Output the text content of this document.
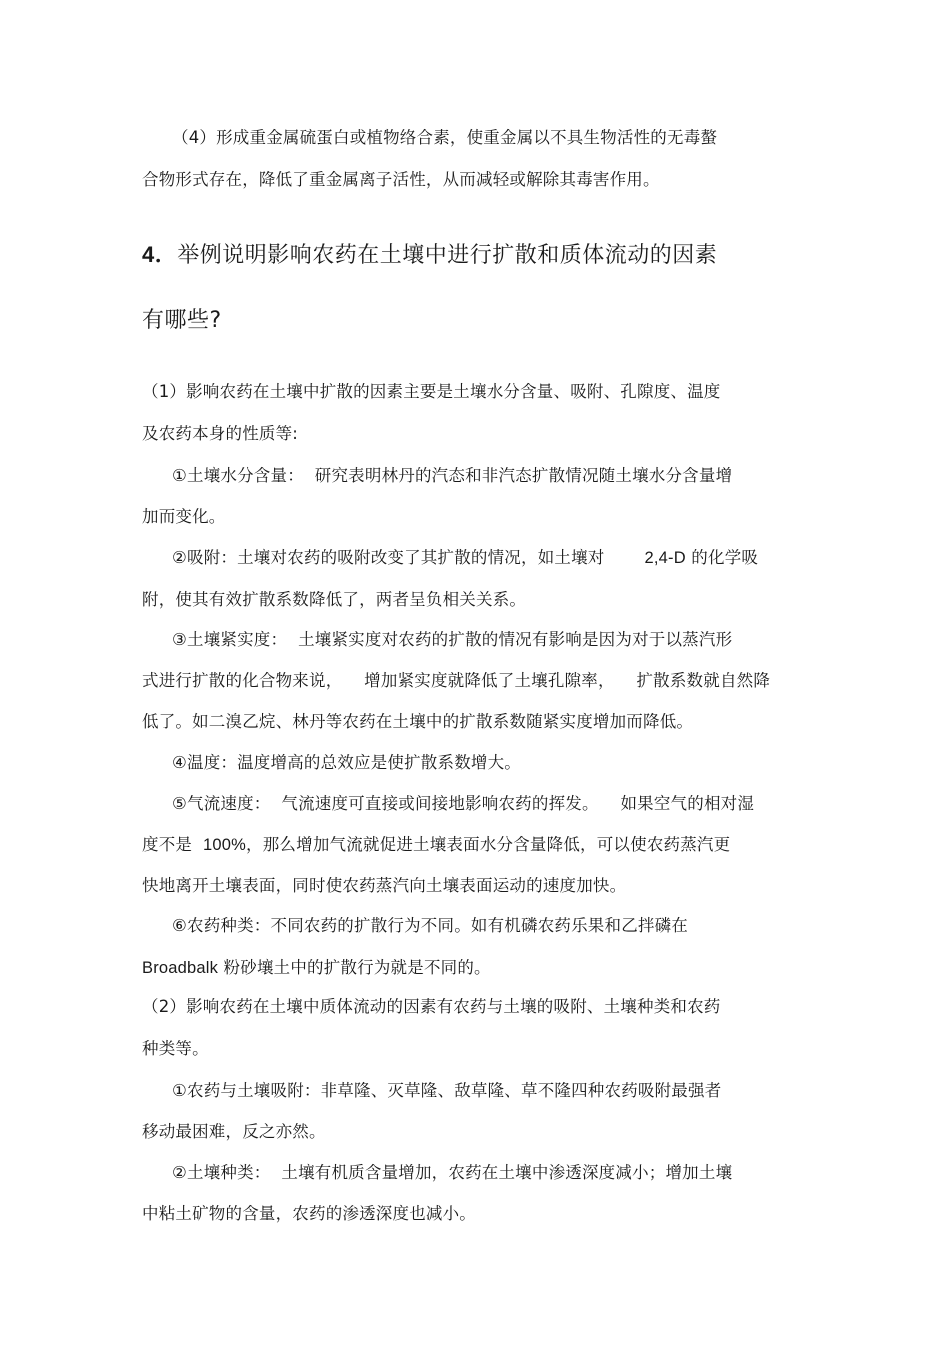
（4）形成重金属硫蛋白或植物络合素，使重金属以不具生物活性的无毒螯
合物形式存在，降低了重金属离子活性，从而减轻或解除其毒害作用。
4．举例说明影响农药在土壤中进行扩散和质体流动的因素
有哪些?
（1）影响农药在土壤中扩散的因素主要是土壤水分含量、吸附、孔隙度、温度
及农药本身的性质等:
①土壤水分含量：  研究表明林丹的汽态和非汽态扩散情况随土壤水分含量增
加而变化。
②吸附：土壤对农药的吸附改变了其扩散的情况，如土壤对 2,4-D 的化学吸
附，使其有效扩散系数降低了，两者呈负相关关系。
③土壤紧实度：  土壤紧实度对农药的扩散的情况有影响是因为对于以蒸汽形
式进行扩散的化合物来说，    增加紧实度就降低了土壤孔隙率，    扩散系数就自然降
低了。如二溴乙烷、林丹等农药在土壤中的扩散系数随紧实度增加而降低。
④温度：温度增高的总效应是使扩散系数增大。
⑤气流速度：  气流速度可直接或间接地影响农药的挥发。    如果空气的相对湿
度不是  100%，那么增加气流就促进土壤表面水分含量降低，可以使农药蒸汽更
快地离开土壤表面，同时使农药蒸汽向土壤表面运动的速度加快。
⑥农药种类：不同农药的扩散行为不同。如有机磷农药乐果和乙拌磷在
Broadbalk 粉砂壤土中的扩散行为就是不同的。
（2）影响农药在土壤中质体流动的因素有农药与土壤的吸附、土壤种类和农药
种类等。
①农药与土壤吸附：非草隆、灭草隆、敌草隆、草不隆四种农药吸附最强者
移动最困难，反之亦然。
②土壤种类：  土壤有机质含量增加，农药在土壤中渗透深度减小；增加土壤
中粘土矿物的含量，农药的渗透深度也减小。
